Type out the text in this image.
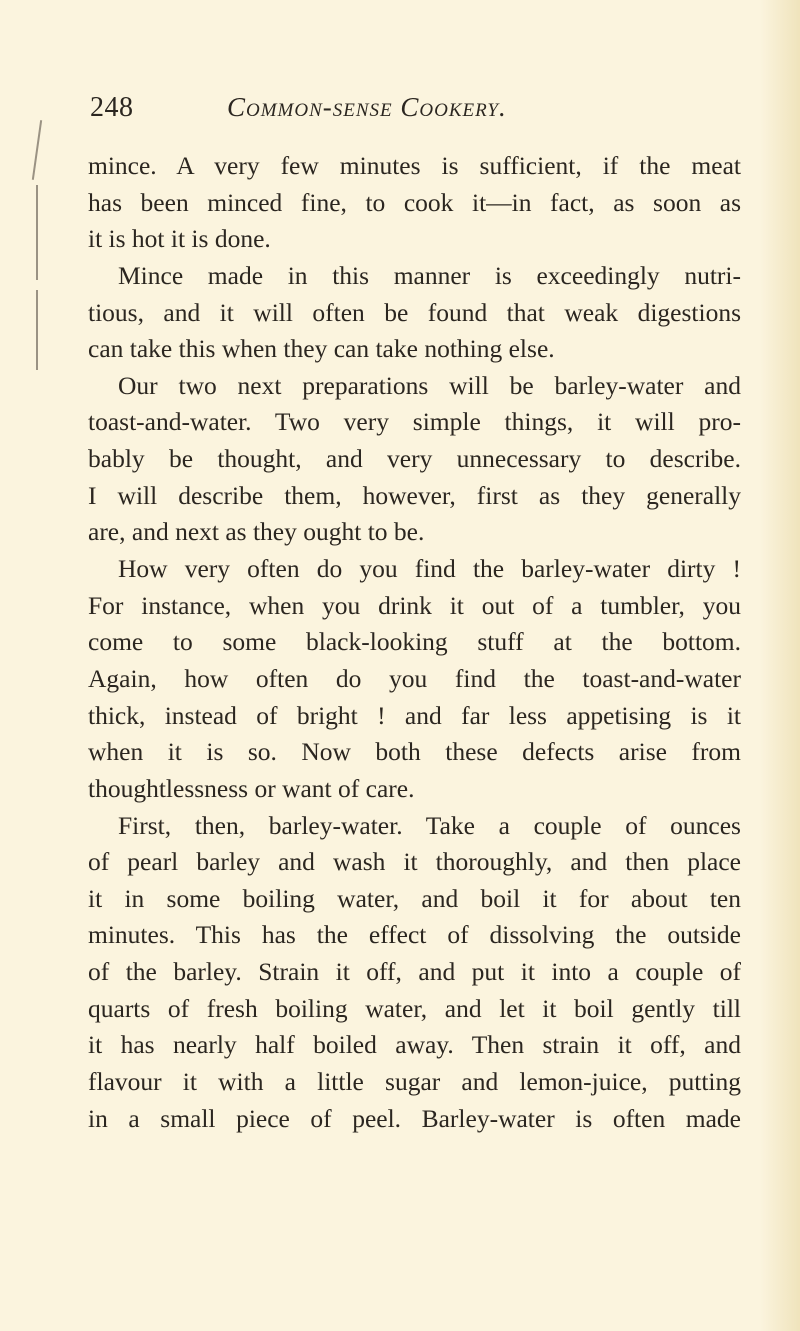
248	Common-sense Cookery.
mince. A very few minutes is sufficient, if the meat
has been minced fine, to cook it—in fact, as soon as
it is hot it is done.
Mince made in this manner is exceedingly nutri-
tious, and it will often be found that weak digestions
can take this when they can take nothing else.
Our two next preparations will be barley-water and
toast-and-water. Two very simple things, it will pro-
bably be thought, and very unnecessary to describe.
I will describe them, however, first as they generally
are, and next as they ought to be.
How very often do you find the barley-water dirty !
For instance, when you drink it out of a tumbler, you
come to some black-looking stuff at the bottom.
Again, how often do you find the toast-and-water
thick, instead of bright ! and far less appetising is it
when it is so. Now both these defects arise from
thoughtlessness or want of care.
First, then, barley-water. Take a couple of ounces
of pearl barley and wash it thoroughly, and then place
it in some boiling water, and boil it for about ten
minutes. This has the effect of dissolving the outside
of the barley. Strain it off, and put it into a couple of
quarts of fresh boiling water, and let it boil gently till
it has nearly half boiled away. Then strain it off, and
flavour it with a little sugar and lemon-juice, putting
in a small piece of peel. Barley-water is often made
